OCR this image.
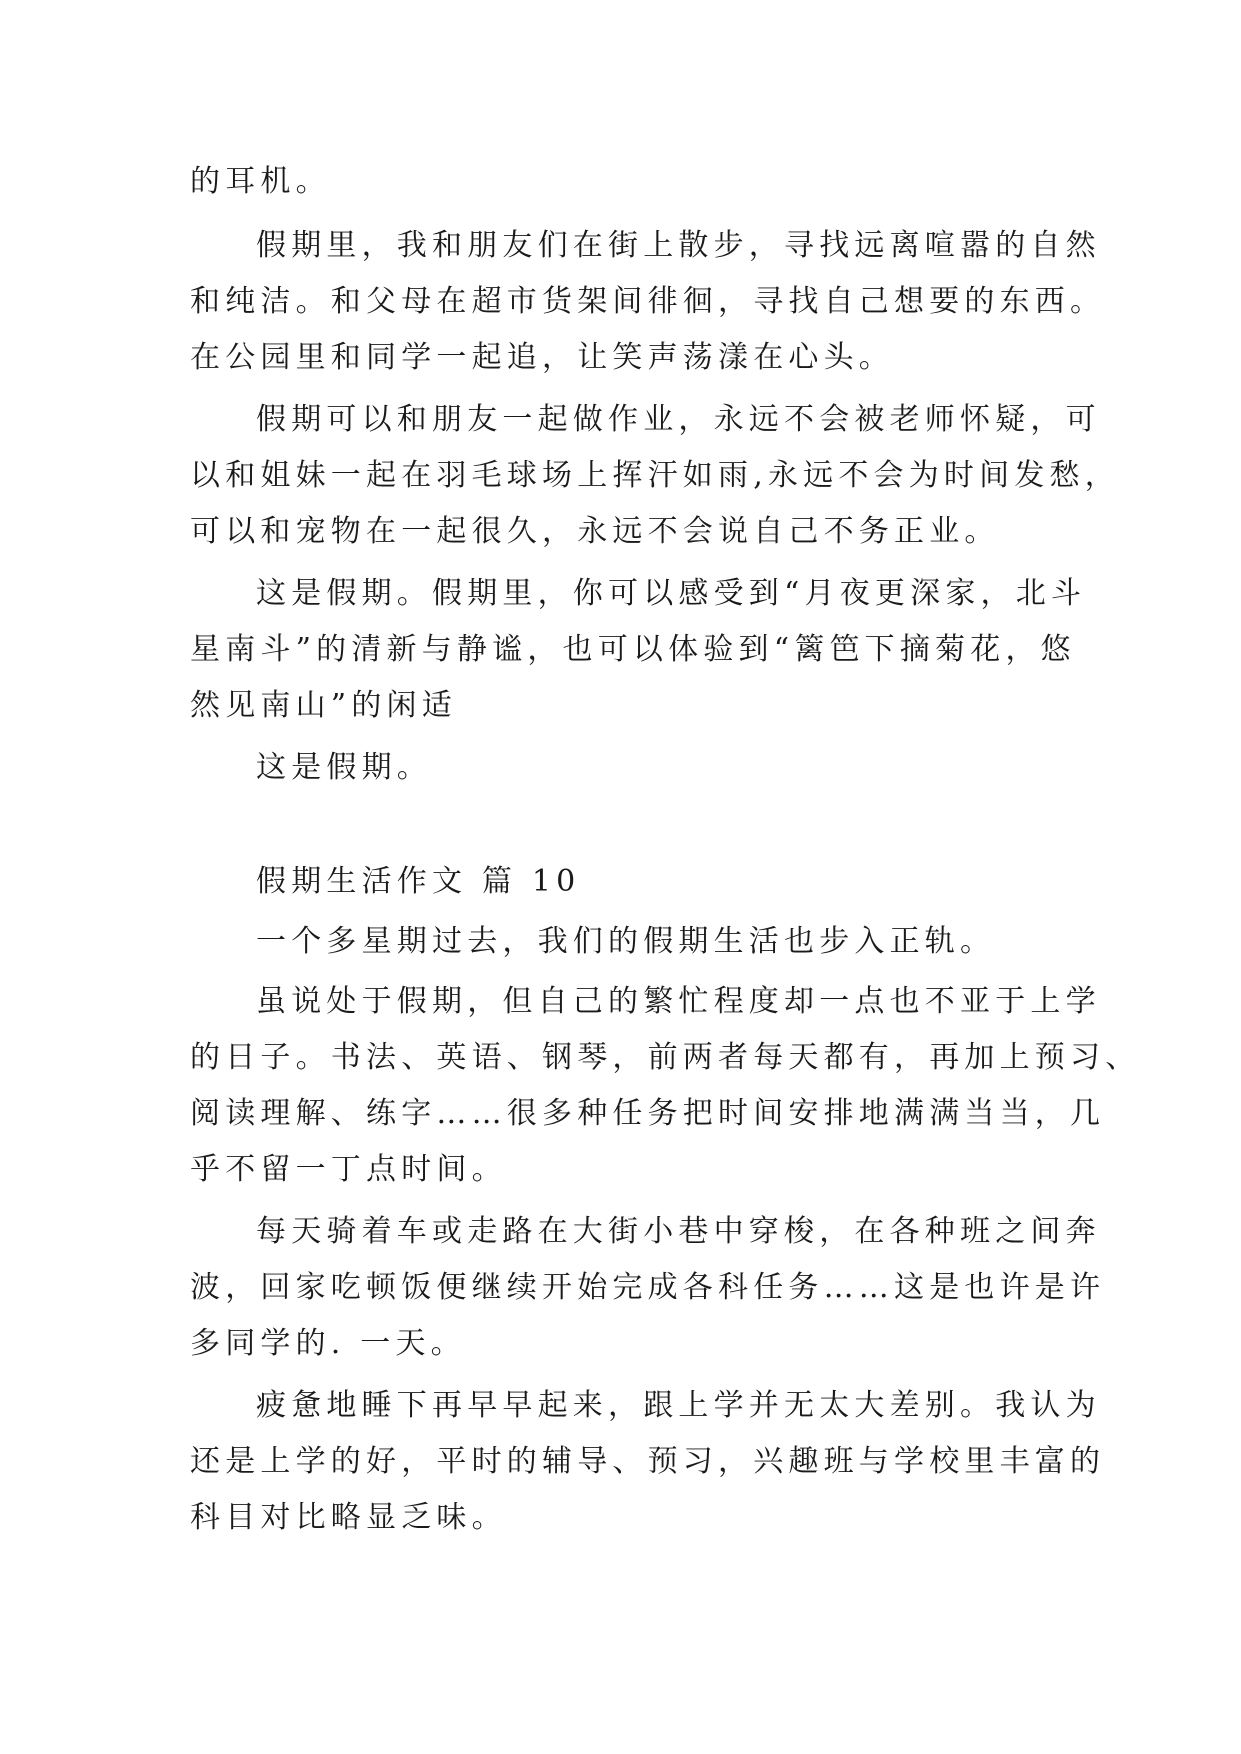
的耳机。
假期里，我和朋友们在街上散步，寻找远离喧嚣的自然
和纯洁。和父母在超市货架间徘徊，寻找自己想要的东西。
在公园里和同学一起追，让笑声荡漾在心头。
假期可以和朋友一起做作业，永远不会被老师怀疑，可
以和姐妹一起在羽毛球场上挥汗如雨,永远不会为时间发愁，
可以和宠物在一起很久，永远不会说自己不务正业。
这是假期。假期里，你可以感受到“月夜更深家，北斗
星南斗”的清新与静谧，也可以体验到“篱笆下摘菊花，悠
然见南山”的闲适
这是假期。
假期生活作文 篇 10
一个多星期过去，我们的假期生活也步入正轨。
虽说处于假期，但自己的繁忙程度却一点也不亚于上学
的日子。书法、英语、钢琴，前两者每天都有，再加上预习、
阅读理解、练字……很多种任务把时间安排地满满当当，几
乎不留一丁点时间。
每天骑着车或走路在大街小巷中穿梭，在各种班之间奔
波，回家吃顿饭便继续开始完成各科任务……这是也许是许
多同学的. 一天。
疲惫地睡下再早早起来，跟上学并无太大差别。我认为
还是上学的好，平时的辅导、预习，兴趣班与学校里丰富的
科目对比略显乏味。
